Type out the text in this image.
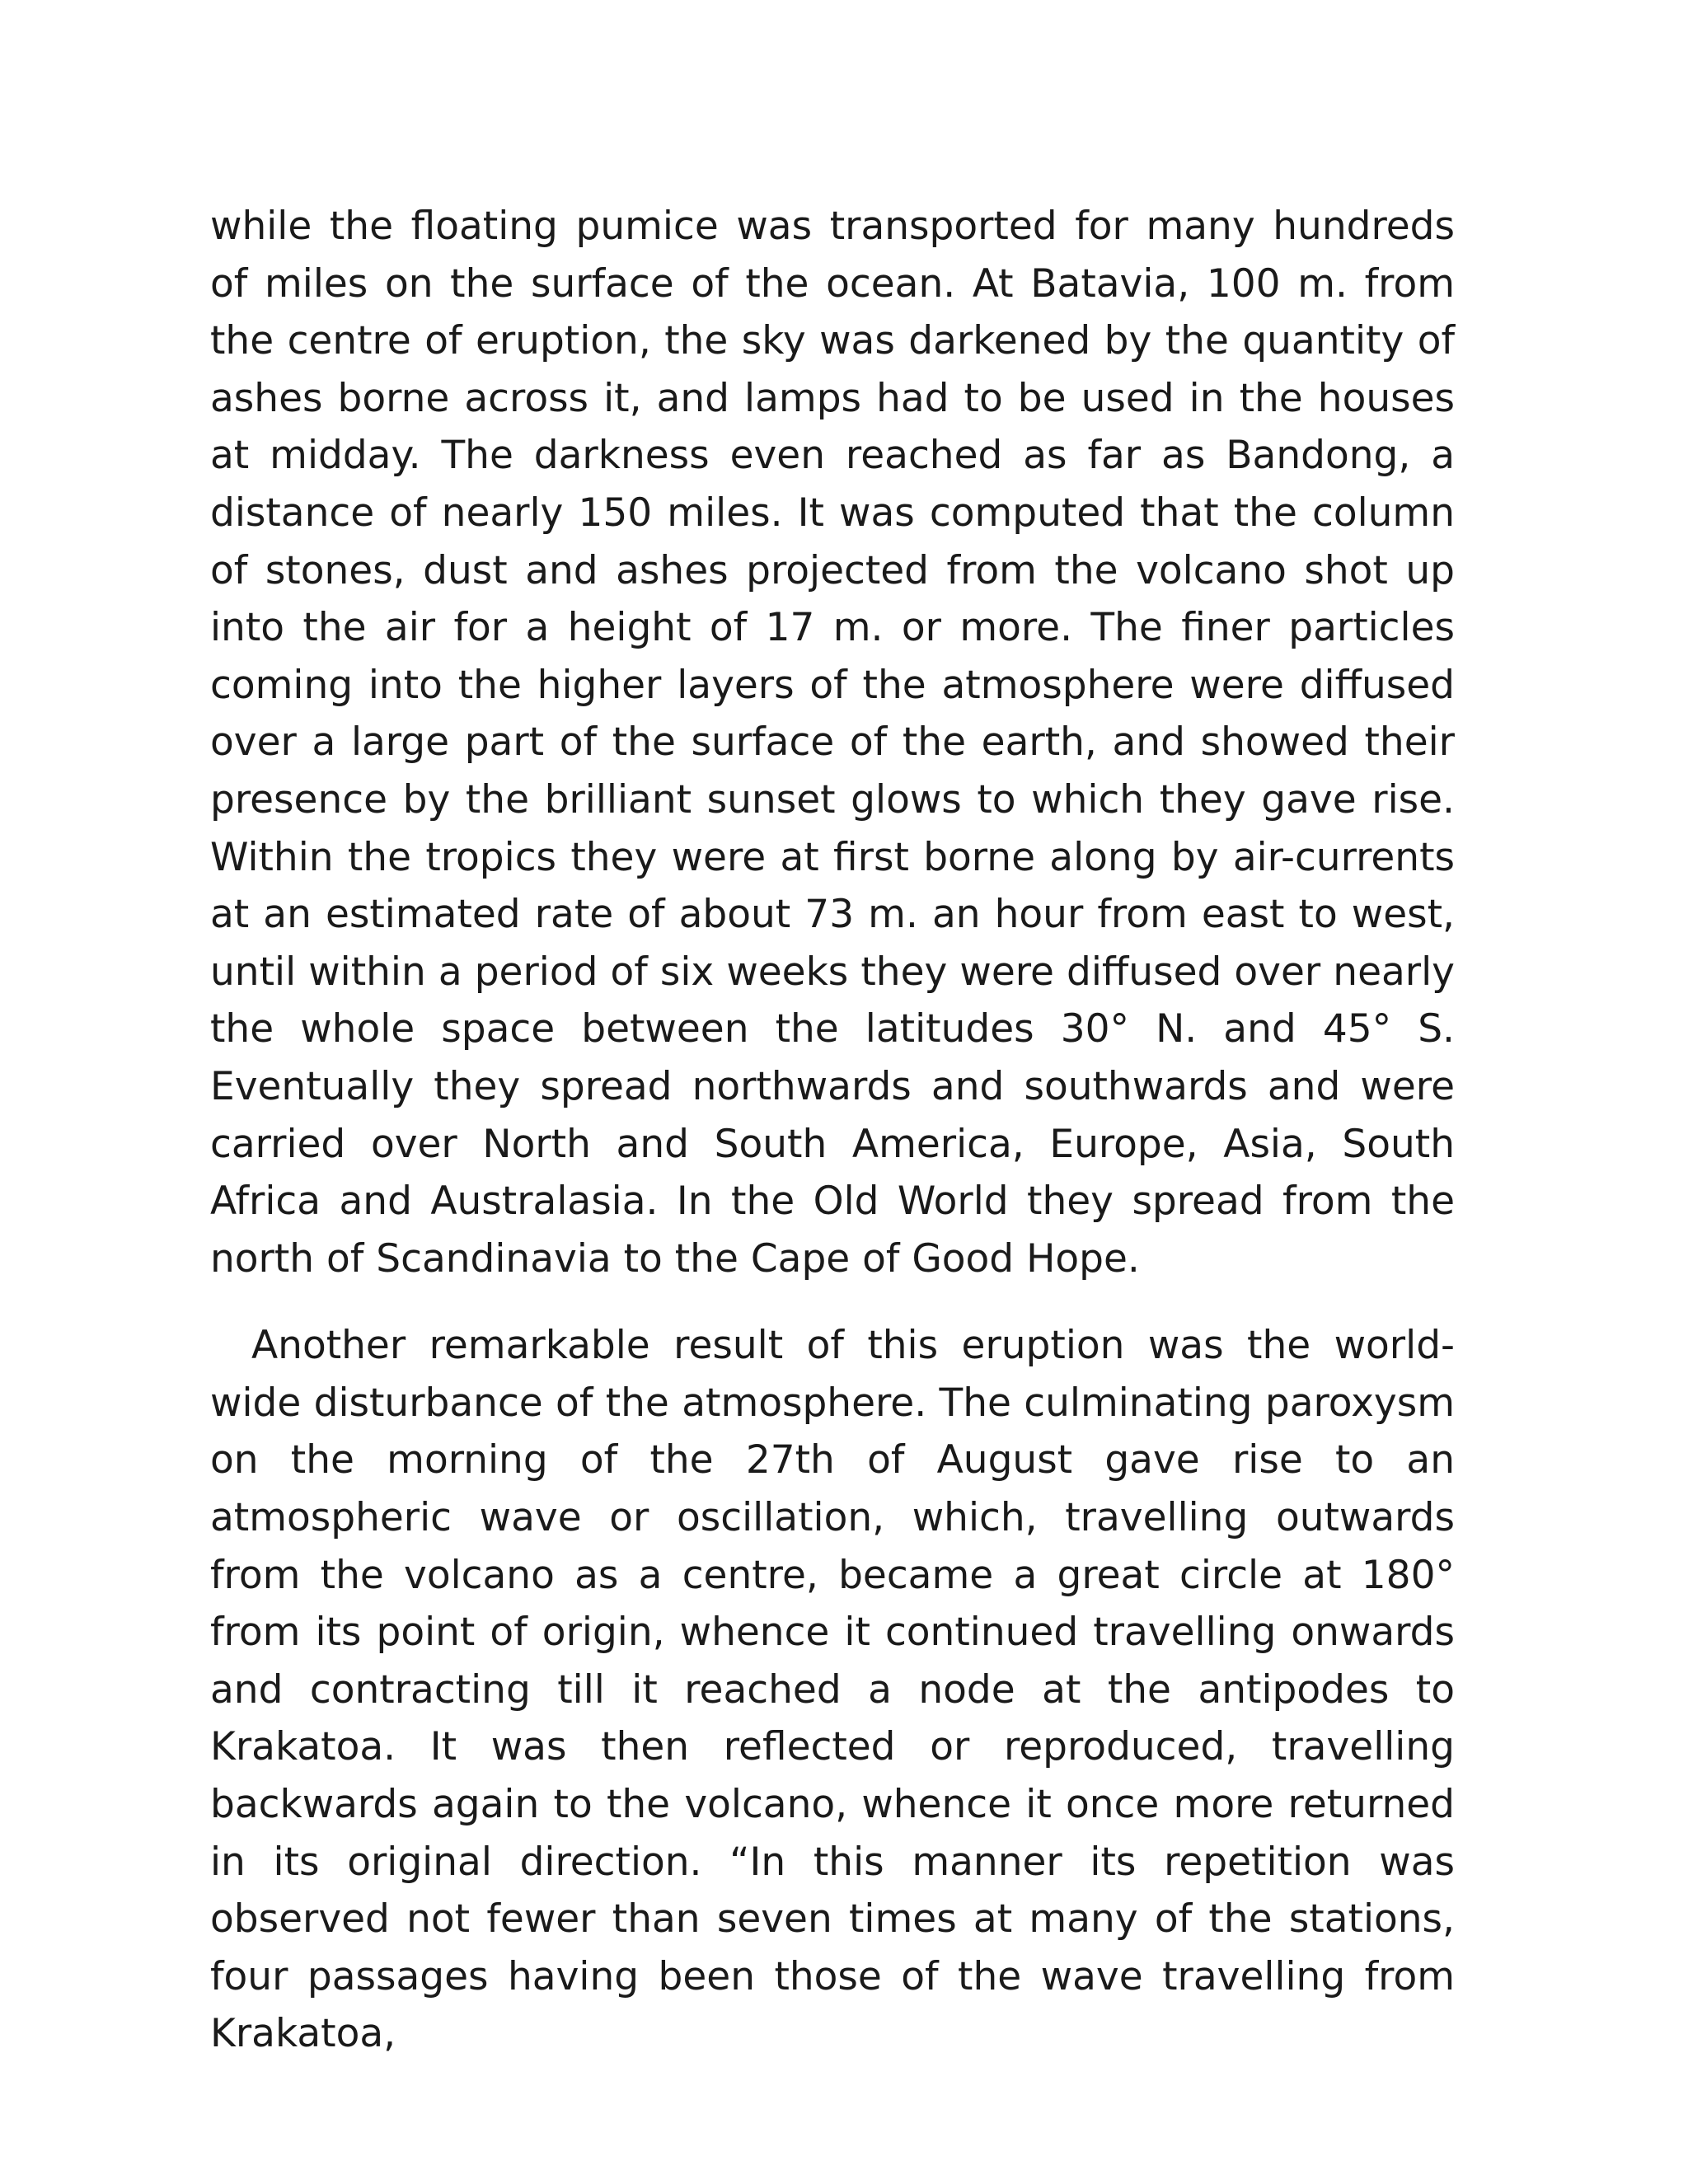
while the floating pumice was transported for many hundreds of miles on the surface of the ocean. At Batavia, 100 m. from the centre of eruption, the sky was darkened by the quantity of ashes borne across it, and lamps had to be used in the houses at midday. The darkness even reached as far as Bandong, a distance of nearly 150 miles. It was computed that the column of stones, dust and ashes projected from the volcano shot up into the air for a height of 17 m. or more. The finer particles coming into the higher layers of the atmosphere were diffused over a large part of the surface of the earth, and showed their presence by the brilliant sunset glows to which they gave rise. Within the tropics they were at first borne along by air-currents at an estimated rate of about 73 m. an hour from east to west, until within a period of six weeks they were diffused over nearly the whole space between the latitudes 30° N. and 45° S. Eventually they spread northwards and southwards and were carried over North and South America, Europe, Asia, South Africa and Australasia. In the Old World they spread from the north of Scandinavia to the Cape of Good Hope.

Another remarkable result of this eruption was the world-wide disturbance of the atmosphere. The culminating paroxysm on the morning of the 27th of August gave rise to an atmospheric wave or oscillation, which, travelling outwards from the volcano as a centre, became a great circle at 180° from its point of origin, whence it continued travelling onwards and contracting till it reached a node at the antipodes to Krakatoa. It was then reflected or reproduced, travelling backwards again to the volcano, whence it once more returned in its original direction. “In this manner its repetition was observed not fewer than seven times at many of the stations, four passages having been those of the wave travelling from Krakatoa,
